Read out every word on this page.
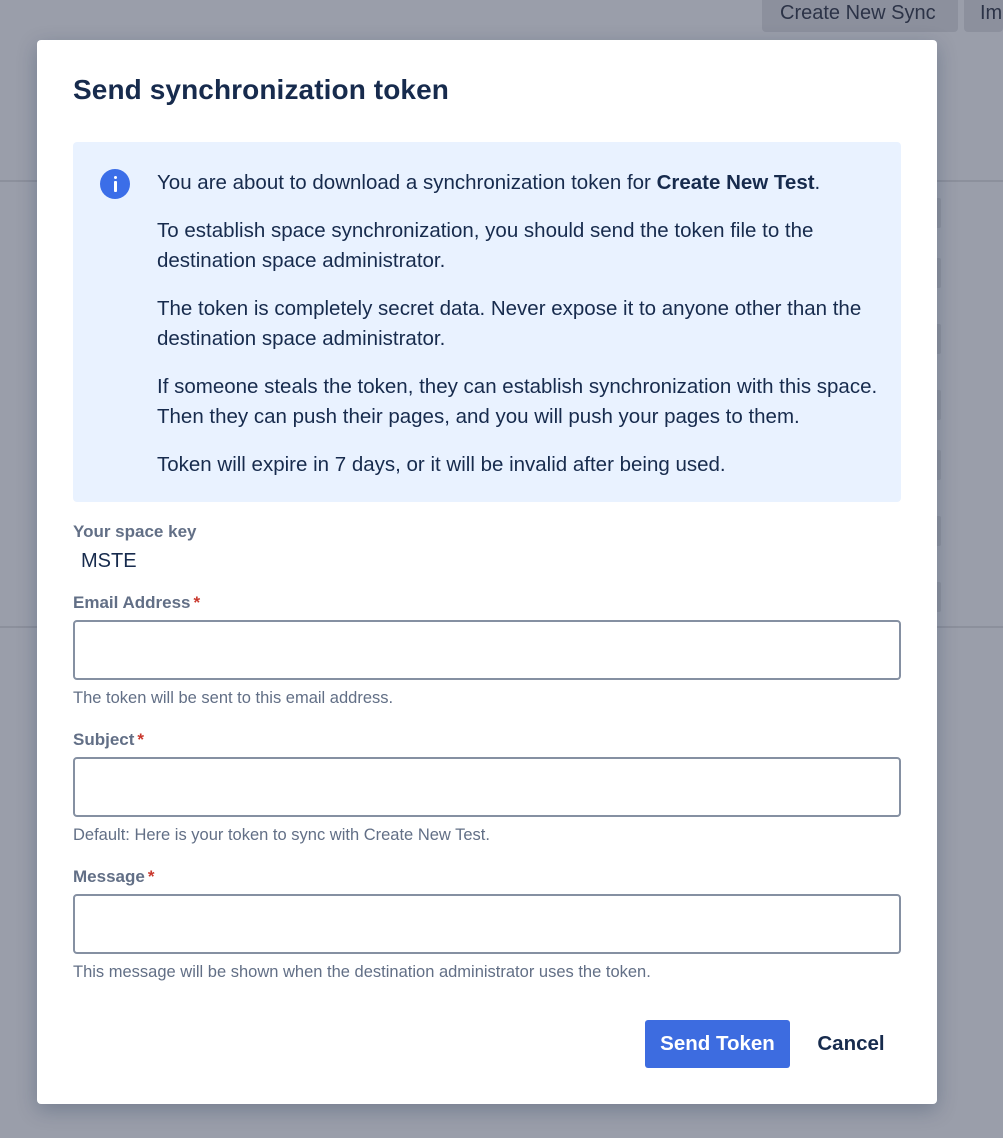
Create New Sync	Im
Send synchronization token

You are about to download a synchronization token for Create New Test.

To establish space synchronization, you should send the token file to the destination space administrator.

The token is completely secret data. Never expose it to anyone other than the destination space administrator.

If someone steals the token, they can establish synchronization with this space. Then they can push their pages, and you will push your pages to them.

Token will expire in 7 days, or it will be invalid after being used.

Your space key
MSTE
Email Address *
The token will be sent to this email address.
Subject *
Default: Here is your token to sync with Create New Test.
Message *
This message will be shown when the destination administrator uses the token.
Send Token	Cancel
